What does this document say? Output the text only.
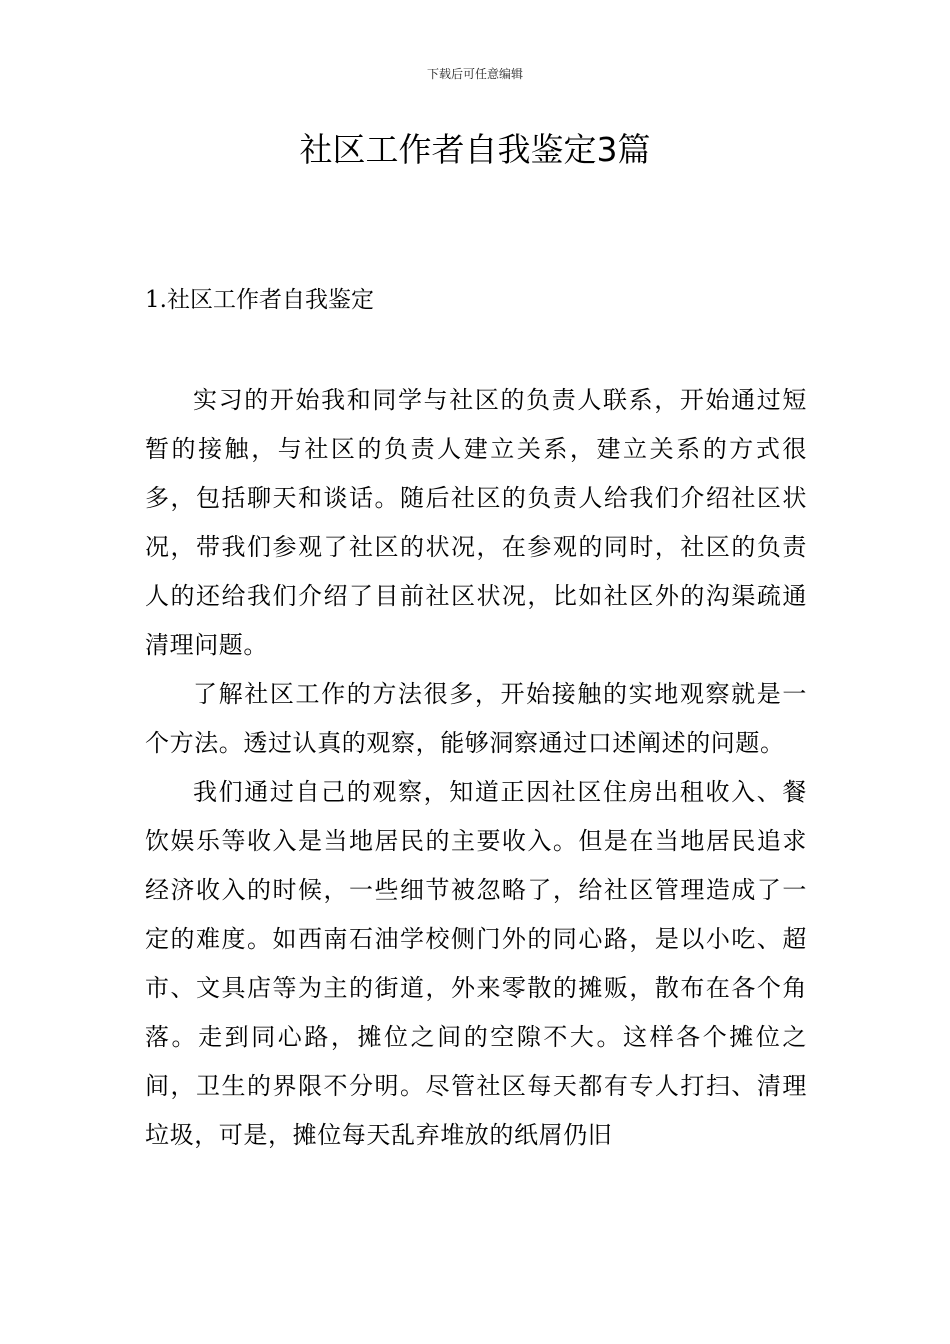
下载后可任意编辑
社区工作者自我鉴定3篇
1.社区工作者自我鉴定

实习的开始我和同学与社区的负责人联系，开始通过短暂的接触，与社区的负责人建立关系，建立关系的方式很多，包括聊天和谈话。随后社区的负责人给我们介绍社区状况，带我们参观了社区的状况，在参观的同时，社区的负责人的还给我们介绍了目前社区状况，比如社区外的沟渠疏通清理问题。

了解社区工作的方法很多，开始接触的实地观察就是一个方法。透过认真的观察，能够洞察通过口述阐述的问题。

我们通过自己的观察，知道正因社区住房出租收入、餐饮娱乐等收入是当地居民的主要收入。但是在当地居民追求经济收入的时候，一些细节被忽略了，给社区管理造成了一定的难度。如西南石油学校侧门外的同心路，是以小吃、超市、文具店等为主的街道，外来零散的摊贩，散布在各个角落。走到同心路，摊位之间的空隙不大。这样各个摊位之间，卫生的界限不分明。尽管社区每天都有专人打扫、清理垃圾，可是，摊位每天乱弃堆放的纸屑仍旧
